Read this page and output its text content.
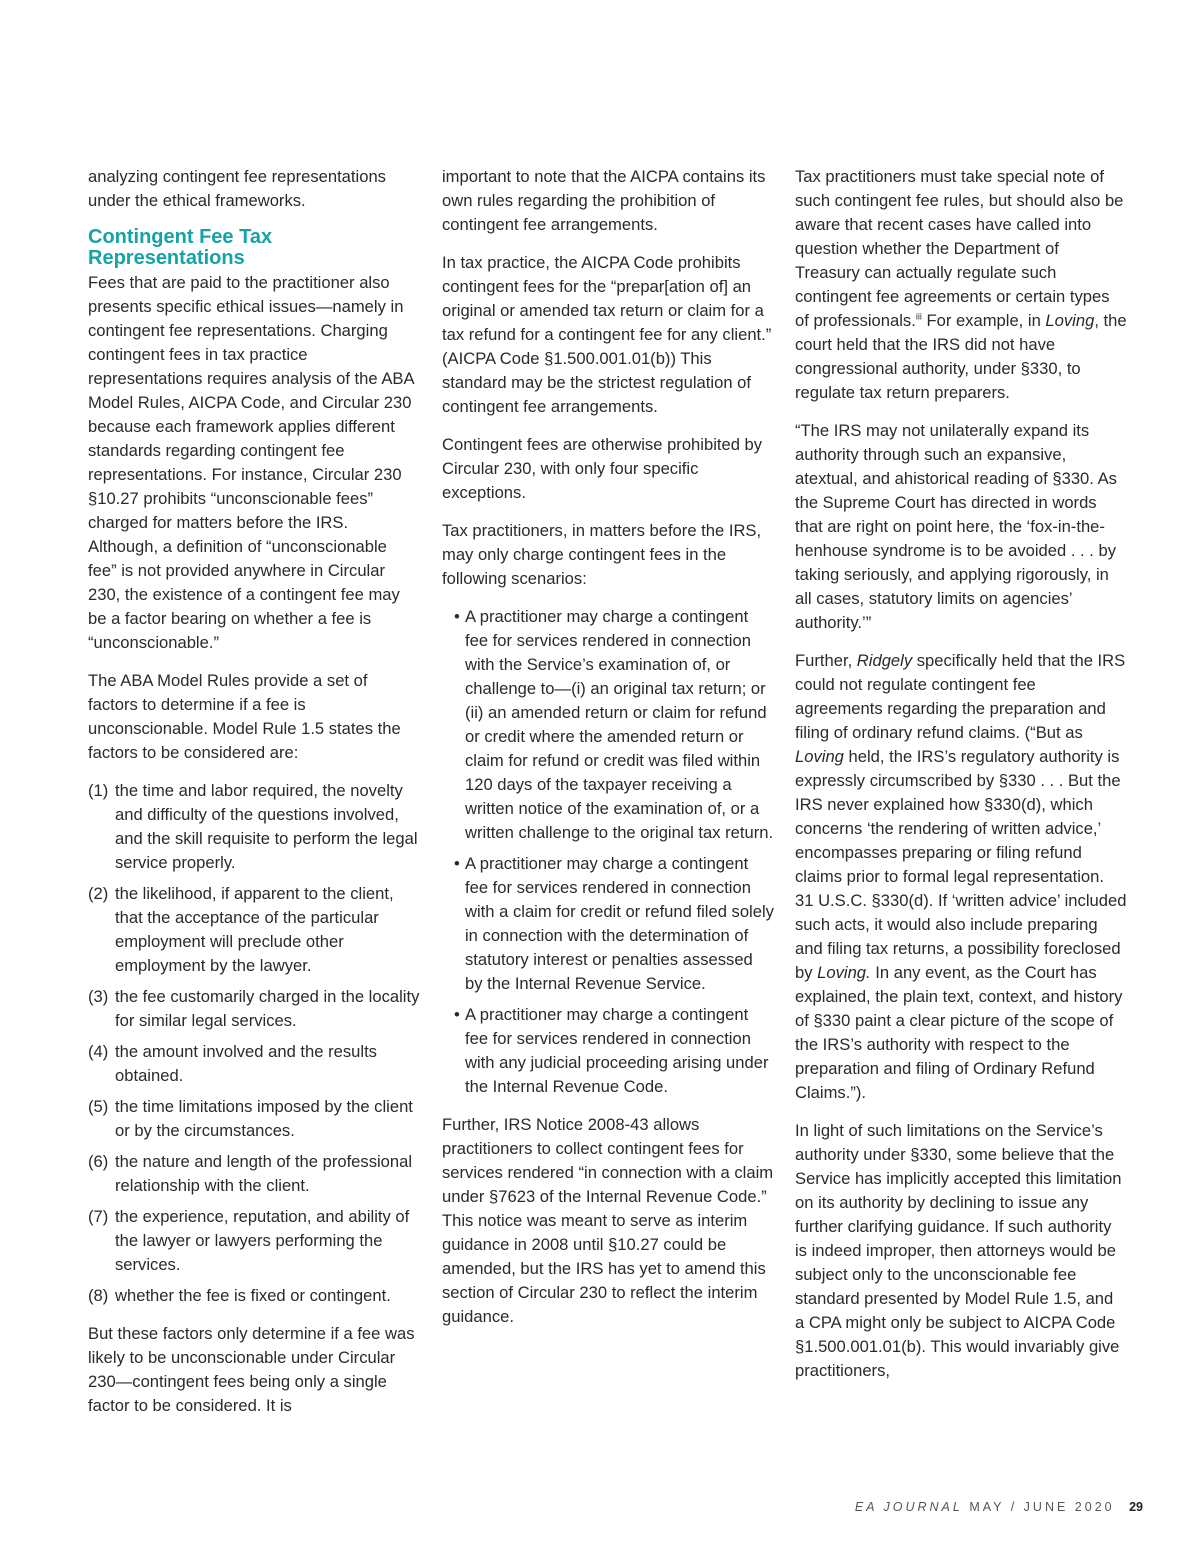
analyzing contingent fee representations under the ethical frameworks.

Contingent Fee Tax Representations

Fees that are paid to the practitioner also presents specific ethical issues—namely in contingent fee representations. Charging contingent fees in tax practice representations requires analysis of the ABA Model Rules, AICPA Code, and Circular 230 because each framework applies different standards regarding contingent fee representations. For instance, Circular 230 §10.27 prohibits “unconscionable fees” charged for matters before the IRS. Although, a definition of “unconscionable fee” is not provided anywhere in Circular 230, the existence of a contingent fee may be a factor bearing on whether a fee is “unconscionable.”

The ABA Model Rules provide a set of factors to determine if a fee is unconscionable. Model Rule 1.5 states the factors to be considered are:

(1) the time and labor required, the novelty and difficulty of the questions involved, and the skill requisite to perform the legal service properly.
(2) the likelihood, if apparent to the client, that the acceptance of the particular employment will preclude other employment by the lawyer.
(3) the fee customarily charged in the locality for similar legal services.
(4) the amount involved and the results obtained.
(5) the time limitations imposed by the client or by the circumstances.
(6) the nature and length of the professional relationship with the client.
(7) the experience, reputation, and ability of the lawyer or lawyers performing the services.
(8) whether the fee is fixed or contingent.

But these factors only determine if a fee was likely to be unconscionable under Circular 230—contingent fees being only a single factor to be considered. It is

important to note that the AICPA contains its own rules regarding the prohibition of contingent fee arrangements.

In tax practice, the AICPA Code prohibits contingent fees for the “prepar[ation of] an original or amended tax return or claim for a tax refund for a contingent fee for any client.” (AICPA Code §1.500.001.01(b)) This standard may be the strictest regulation of contingent fee arrangements.

Contingent fees are otherwise prohibited by Circular 230, with only four specific exceptions.

Tax practitioners, in matters before the IRS, may only charge contingent fees in the following scenarios:

• A practitioner may charge a contingent fee for services rendered in connection with the Service’s examination of, or challenge to—(i) an original tax return; or (ii) an amended return or claim for refund or credit where the amended return or claim for refund or credit was filed within 120 days of the taxpayer receiving a written notice of the examination of, or a written challenge to the original tax return.
• A practitioner may charge a contingent fee for services rendered in connection with a claim for credit or refund filed solely in connection with the determination of statutory interest or penalties assessed by the Internal Revenue Service.
• A practitioner may charge a contingent fee for services rendered in connection with any judicial proceeding arising under the Internal Revenue Code.

Further, IRS Notice 2008-43 allows practitioners to collect contingent fees for services rendered “in connection with a claim under §7623 of the Internal Revenue Code.” This notice was meant to serve as interim guidance in 2008 until §10.27 could be amended, but the IRS has yet to amend this section of Circular 230 to reflect the interim guidance.

Tax practitioners must take special note of such contingent fee rules, but should also be aware that recent cases have called into question whether the Department of Treasury can actually regulate such contingent fee agreements or certain types of professionals.$^{iii}$ For example, in Loving, the court held that the IRS did not have congressional authority, under §330, to regulate tax return preparers.

“The IRS may not unilaterally expand its authority through such an expansive, atextual, and ahistorical reading of §330. As the Supreme Court has directed in words that are right on point here, the ‘fox-in-the-henhouse syndrome is to be avoided . . . by taking seriously, and applying rigorously, in all cases, statutory limits on agencies’ authority.’”

Further, Ridgely specifically held that the IRS could not regulate contingent fee agreements regarding the preparation and filing of ordinary refund claims. (“But as Loving held, the IRS’s regulatory authority is expressly circumscribed by §330 . . . But the IRS never explained how §330(d), which concerns ‘the rendering of written advice,’ encompasses preparing or filing refund claims prior to formal legal representation. 31 U.S.C. §330(d). If ‘written advice’ included such acts, it would also include preparing and filing tax returns, a possibility foreclosed by Loving. In any event, as the Court has explained, the plain text, context, and history of §330 paint a clear picture of the scope of the IRS’s authority with respect to the preparation and filing of Ordinary Refund Claims.”).

In light of such limitations on the Service’s authority under §330, some believe that the Service has implicitly accepted this limitation on its authority by declining to issue any further clarifying guidance. If such authority is indeed improper, then attorneys would be subject only to the unconscionable fee standard presented by Model Rule 1.5, and a CPA might only be subject to AICPA Code §1.500.001.01(b). This would invariably give practitioners,

EA JOURNAL MAY / JUNE 2020 29
